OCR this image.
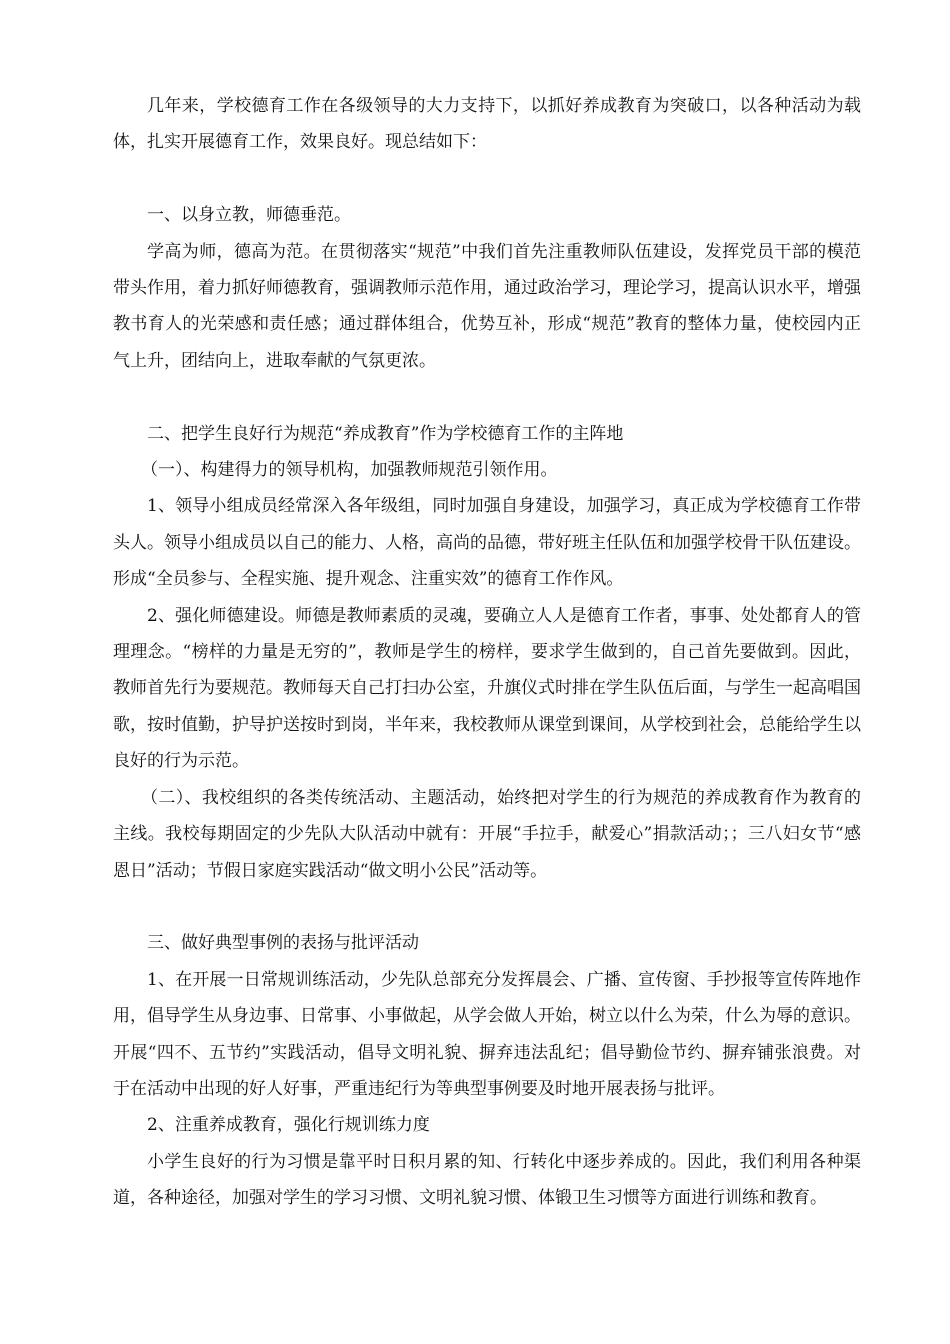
几年来，学校德育工作在各级领导的大力支持下，以抓好养成教育为突破口，以各种活动为载体，扎实开展德育工作，效果良好。现总结如下：

一、以身立教，师德垂范。

学高为师，德高为范。在贯彻落实“规范”中我们首先注重教师队伍建设，发挥党员干部的模范带头作用，着力抓好师德教育，强调教师示范作用，通过政治学习，理论学习，提高认识水平，增强教书育人的光荣感和责任感；通过群体组合，优势互补，形成“规范”教育的整体力量，使校园内正气上升，团结向上，进取奉献的气氛更浓。

二、把学生良好行为规范“养成教育”作为学校德育工作的主阵地

（一）、构建得力的领导机构，加强教师规范引领作用。

1、领导小组成员经常深入各年级组，同时加强自身建设，加强学习，真正成为学校德育工作带头人。领导小组成员以自己的能力、人格，高尚的品德，带好班主任队伍和加强学校骨干队伍建设。形成“全员参与、全程实施、提升观念、注重实效”的德育工作作风。

2、强化师德建设。师德是教师素质的灵魂，要确立人人是德育工作者，事事、处处都育人的管理理念。“榜样的力量是无穷的”，教师是学生的榜样，要求学生做到的，自己首先要做到。因此，教师首先行为要规范。教师每天自己打扫办公室，升旗仪式时排在学生队伍后面，与学生一起高唱国歌，按时值勤，护导护送按时到岗，半年来，我校教师从课堂到课间，从学校到社会，总能给学生以良好的行为示范。

（二）、我校组织的各类传统活动、主题活动，始终把对学生的行为规范的养成教育作为教育的主线。我校每期固定的少先队大队活动中就有：开展“手拉手，献爱心”捐款活动；；三八妇女节“感恩日”活动；节假日家庭实践活动“做文明小公民”活动等。

三、做好典型事例的表扬与批评活动

1、在开展一日常规训练活动，少先队总部充分发挥晨会、广播、宣传窗、手抄报等宣传阵地作用，倡导学生从身边事、日常事、小事做起，从学会做人开始，树立以什么为荣，什么为辱的意识。开展“四不、五节约”实践活动，倡导文明礼貌、摒弃违法乱纪；倡导勤俭节约、摒弃铺张浪费。对于在活动中出现的好人好事，严重违纪行为等典型事例要及时地开展表扬与批评。

2、注重养成教育，强化行规训练力度

小学生良好的行为习惯是靠平时日积月累的知、行转化中逐步养成的。因此，我们利用各种渠道，各种途径，加强对学生的学习习惯、文明礼貌习惯、体锻卫生习惯等方面进行训练和教育。
